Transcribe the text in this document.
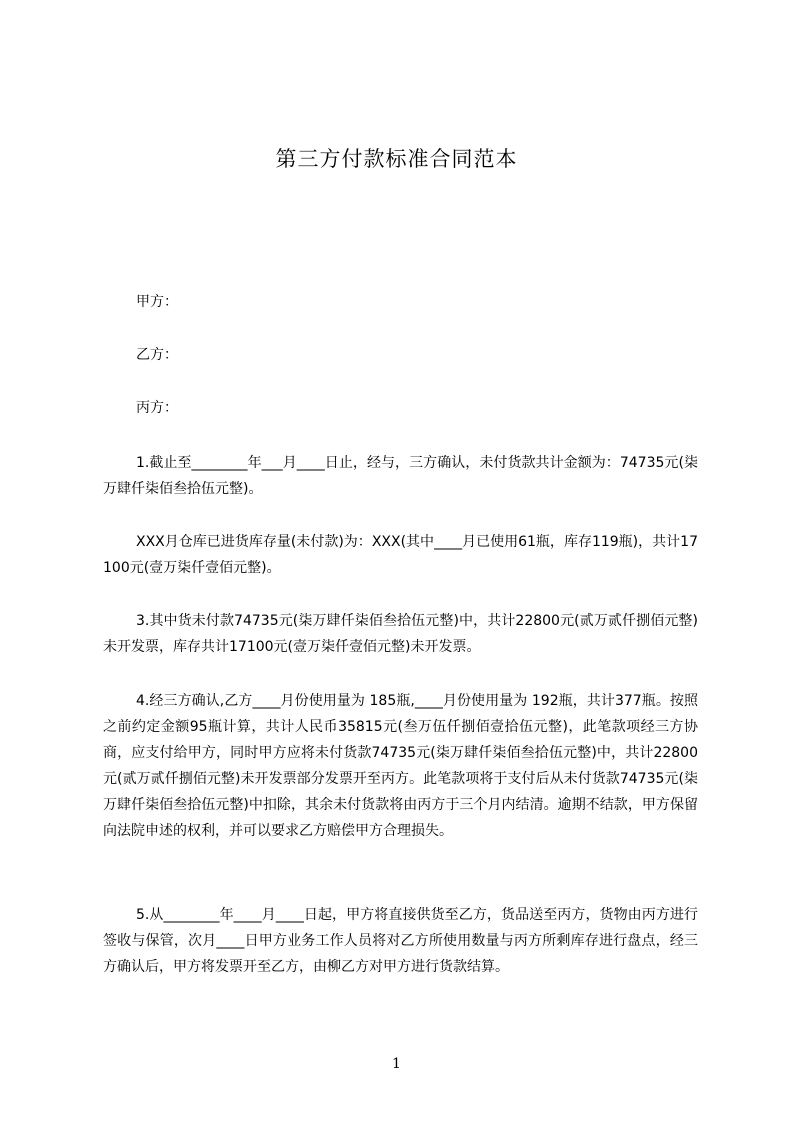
第三方付款标准合同范本

甲方：

乙方：

丙方：

1.截止至________年___月____日止，经与，三方确认，未付货款共计金额为：74735元(柒万肆仟柒佰叁拾伍元整)。

XXX月仓库已进货库存量(未付款)为：XXX(其中____月已使用61瓶，库存119瓶)，共计17100元(壹万柒仟壹佰元整)。

3.其中货未付款74735元(柒万肆仟柒佰叁拾伍元整)中，共计22800元(贰万贰仟捌佰元整)未开发票，库存共计17100元(壹万柒仟壹佰元整)未开发票。

4.经三方确认,乙方____月份使用量为 185瓶,____月份使用量为 192瓶，共计377瓶。按照之前约定金额95瓶计算，共计人民币35815元(叁万伍仟捌佰壹拾伍元整)，此笔款项经三方协商，应支付给甲方，同时甲方应将未付货款74735元(柒万肆仟柒佰叁拾伍元整)中，共计22800元(贰万贰仟捌佰元整)未开发票部分发票开至丙方。此笔款项将于支付后从未付货款74735元(柒万肆仟柒佰叁拾伍元整)中扣除，其余未付货款将由丙方于三个月内结清。逾期不结款，甲方保留向法院申述的权利，并可以要求乙方赔偿甲方合理损失。

5.从________年____月____日起，甲方将直接供货至乙方，货品送至丙方，货物由丙方进行签收与保管，次月____日甲方业务工作人员将对乙方所使用数量与丙方所剩库存进行盘点，经三方确认后，甲方将发票开至乙方，由柳乙方对甲方进行货款结算。

1
